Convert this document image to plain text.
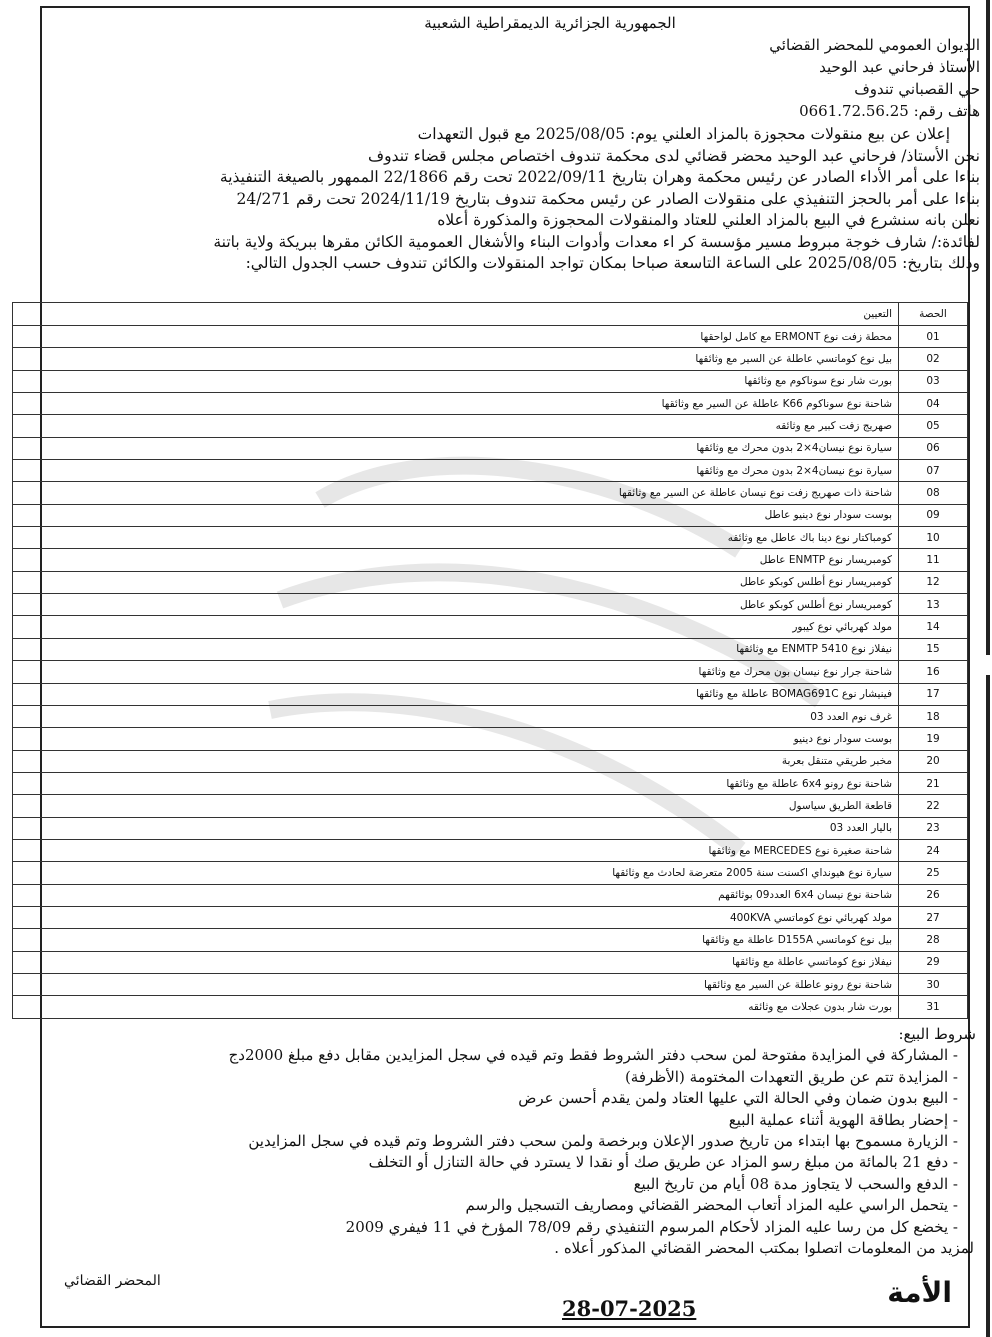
الجمهورية الجزائرية الديمقراطية الشعبية
الديوان العمومي للمحضر القضائي
الأستاذ فرحاني عبد الوحيد
حي القصباني تندوف
هاتف رقم: 0661.72.56.25
إعلان عن بيع منقولات محجوزة بالمزاد العلني يوم: 2025/08/05 مع قبول التعهدات
نحن الأستاذ/ فرحاني عبد الوحيد محضر قضائي لدى محكمة تندوف اختصاص مجلس قضاء تندوف
بناءا على أمر الأداء الصادر عن رئيس محكمة وهران بتاريخ 2022/09/11 تحت رقم 22/1866 الممهور بالصيغة التنفيذية
بناءا على أمر بالحجز التنفيذي على منقولات الصادر عن رئيس محكمة تندوف بتاريخ 2024/11/19 تحت رقم 24/271
نعلن بانه سنشرع في البيع بالمزاد العلني للعتاد والمنقولات المحجوزة والمذكورة أعلاه
لفائدة:/ شارف خوجة مبروط مسير مؤسسة كر اء معدات وأدوات البناء والأشغال العمومية الكائن مقرها ببريكة ولاية باتنة
وذلك بتاريخ: 2025/08/05 على الساعة التاسعة صباحا بمكان تواجد المنقولات والكائن تندوف حسب الجدول التالي:
الحصة	التعيين
01	محطة زفت نوع ERMONT مع كامل لواحقها
02	بيل نوع كوماتسي عاطلة عن السير مع وثائقها
03	بورت شار نوع سوناكوم مع وثائقها
04	شاحنة نوع سوناكوم K66 عاطلة عن السير مع وثائقها
05	صهريج زفت كبير مع وثائقه
06	سيارة نوع نيسان4×2 بدون محرك مع وثائقها
07	سيارة نوع نيسان4×2 بدون محرك مع وثائقها
08	شاحنة ذات صهريج زفت نوع نيسان عاطلة عن السير مع وثائقها
09	بوست سودار نوع دينيو عاطل
10	كومباكتار نوع دينا باك عاطل مع وثائقه
11	كومبريسار نوع ENMTP عاطل
12	كومبريسار نوع أطلس كوبكو عاطل
13	كومبريسار نوع أطلس كوبكو عاطل
14	مولد كهربائي نوع كيبور
15	نيفلاز نوع ENMTP 5410 مع وثائقها
16	شاحنة جرار نوع نيسان بون محرك مع وثائقها
17	فينيشار نوع BOMAG691C عاطلة مع وثائقها
18	غرف نوم العدد 03
19	بوست سودار نوع دينيو
20	مخبر طريقي متنقل بعربة
21	شاحنة نوع رونو 6x4 عاطلة مع وثائقها
22	قاطعة الطريق سياسول
23	باليار العدد 03
24	شاحنة صغيرة نوع MERCEDES مع وثائقها
25	سيارة نوع هيونداي اكسنت سنة 2005 متعرضة لحادث مع وثائقها
26	شاحنة نوع نيسان 6x4 العدد09 بوثائقهم
27	مولد كهربائي نوع كوماتسي 400KVA
28	بيل نوع كوماتسي D155A عاطلة مع وثائقها
29	نيفلاز نوع كوماتسي عاطلة مع وثائقها
30	شاحنة نوع رونو عاطلة عن السير مع وثائقها
31	بورت شار بدون عجلات مع وثائقه
شروط البيع:
- المشاركة في المزايدة مفتوحة لمن سحب دفتر الشروط فقط وتم قيده في سجل المزايدين مقابل دفع مبلغ 2000دج
- المزايدة تتم عن طريق التعهدات المختومة (الأظرفة)
- البيع بدون ضمان وفي الحالة التي عليها العتاد ولمن يقدم أحسن عرض
- إحضار بطاقة الهوية أثناء عملية البيع
- الزيارة مسموح بها ابتداء من تاريخ صدور الإعلان وبرخصة ولمن سحب دفتر الشروط وتم قيده في سجل المزايدين
- دفع 21 بالمائة من مبلغ رسو المزاد عن طريق صك أو نقدا لا يسترد في حالة التنازل أو التخلف
- الدفع والسحب لا يتجاوز مدة 08 أيام من تاريخ البيع
- يتحمل الراسي عليه المزاد أتعاب المحضر القضائي ومصاريف التسجيل والرسم
- يخضع كل من رسا عليه المزاد لأحكام المرسوم التنفيذي رقم 78/09 المؤرخ في 11 فيفري 2009
لمزيد من المعلومات اتصلوا بمكتب المحضر القضائي المذكور أعلاه .
المحضر القضائي
28-07-2025	الأمة
